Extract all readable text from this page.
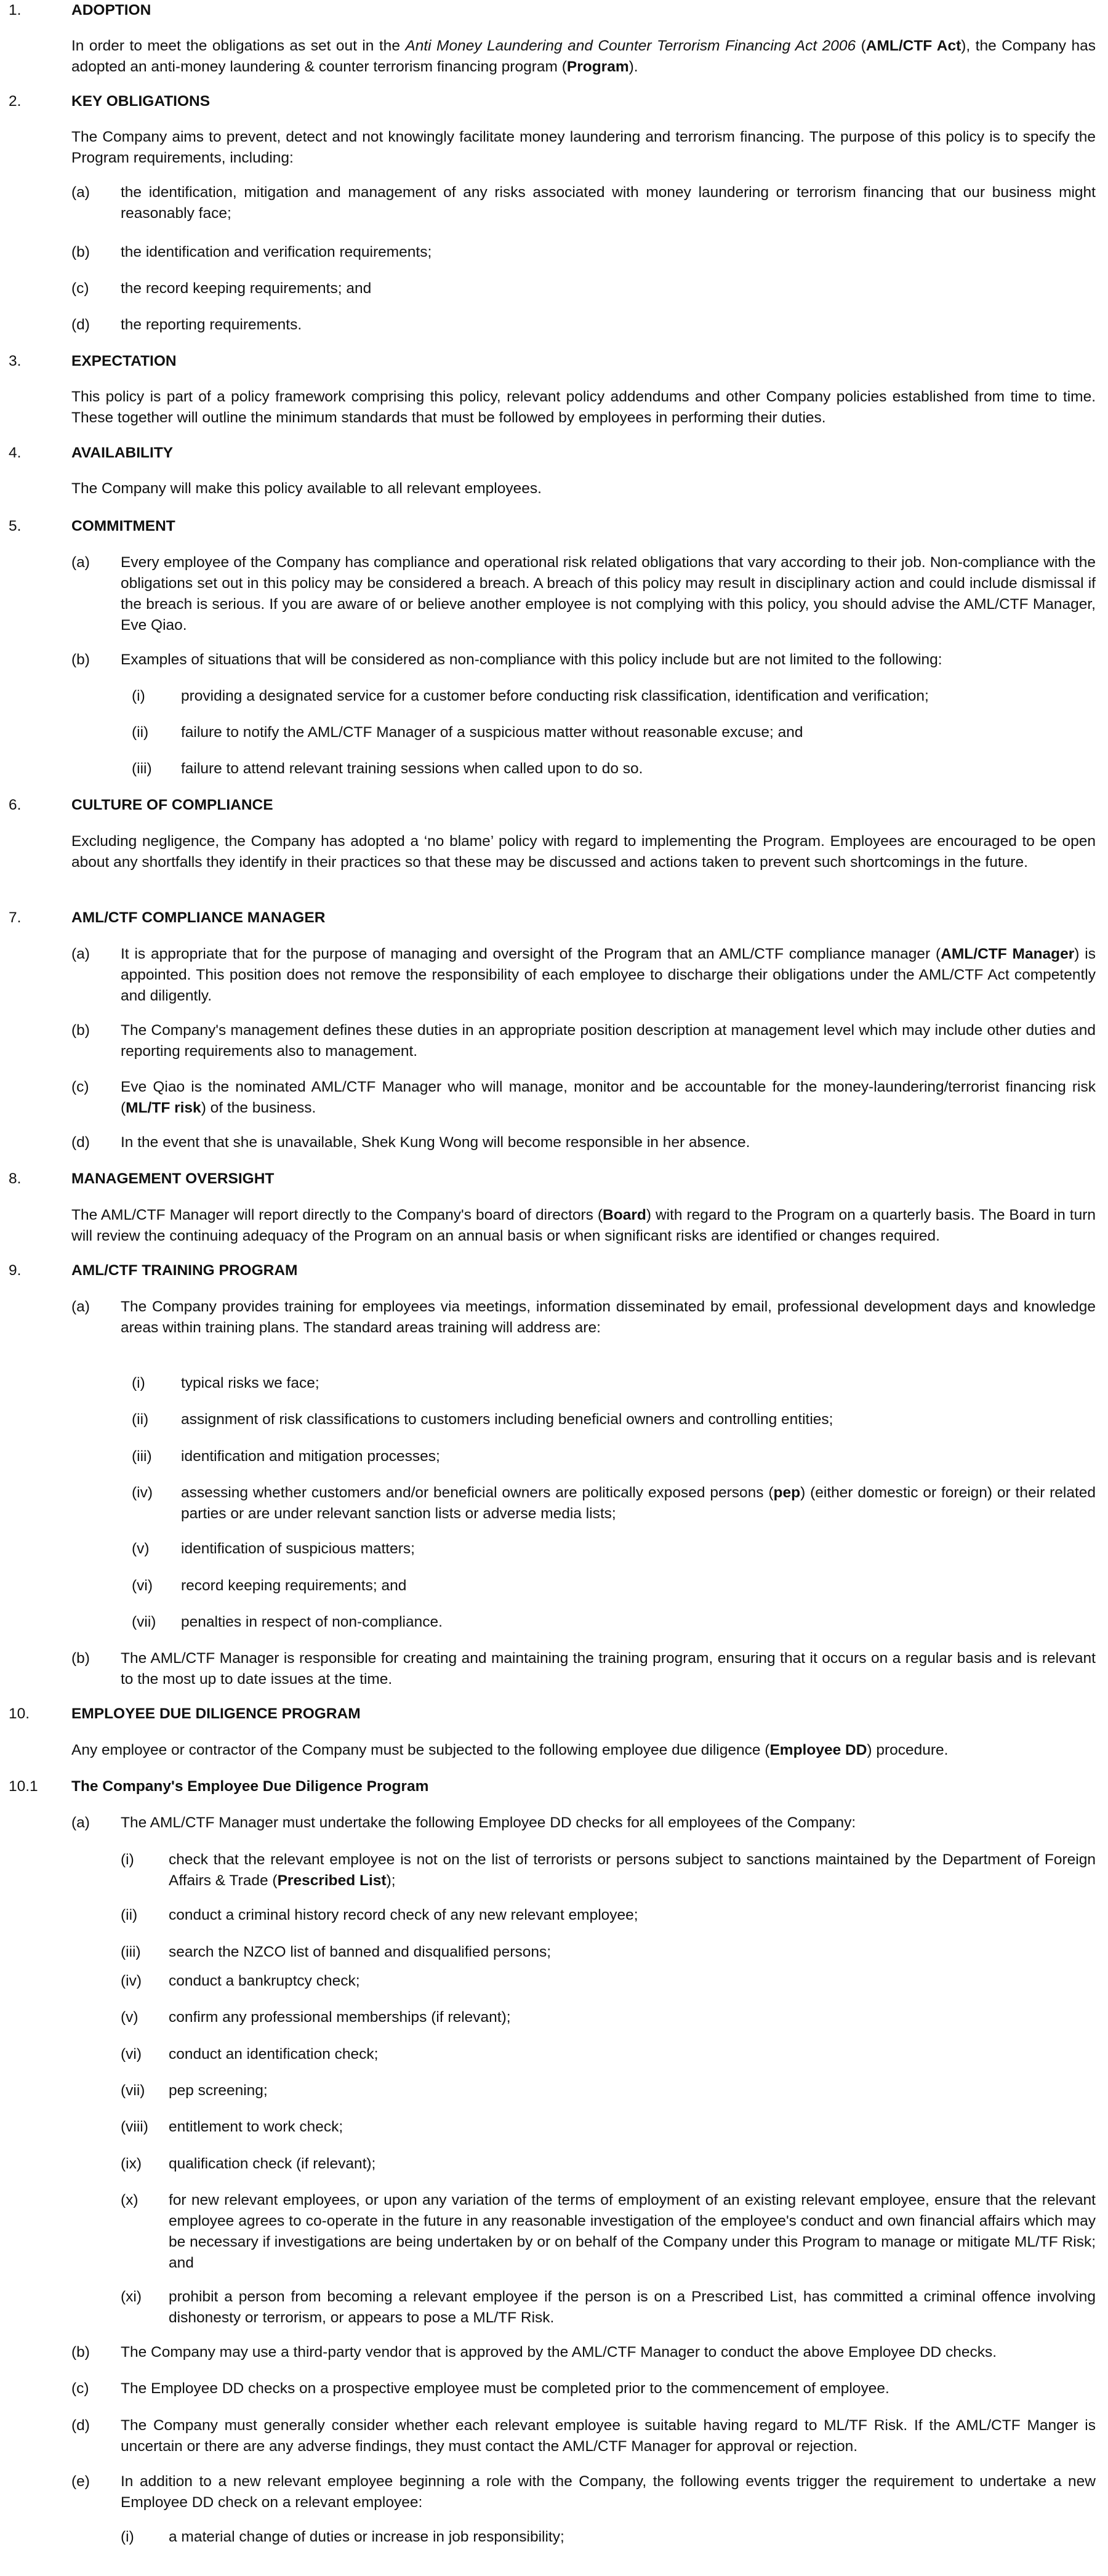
1.	ADOPTION

In order to meet the obligations as set out in the Anti Money Laundering and Counter Terrorism Financing Act 2006 (AML/CTF Act), the Company has adopted an anti-money laundering & counter terrorism financing program (Program).

2.	KEY OBLIGATIONS

The Company aims to prevent, detect and not knowingly facilitate money laundering and terrorism financing. The purpose of this policy is to specify the Program requirements, including:

(a) the identification, mitigation and management of any risks associated with money laundering or terrorism financing that our business might reasonably face;

(b) the identification and verification requirements;

(c) the record keeping requirements; and

(d) the reporting requirements.

3.	EXPECTATION

This policy is part of a policy framework comprising this policy, relevant policy addendums and other Company policies established from time to time. These together will outline the minimum standards that must be followed by employees in performing their duties.

4.	AVAILABILITY

The Company will make this policy available to all relevant employees.

5.	COMMITMENT
(a) Every employee of the Company has compliance and operational risk related obligations that vary according to their job. Non-compliance with the obligations set out in this policy may be considered a breach. A breach of this policy may result in disciplinary action and could include dismissal if the breach is serious. If you are aware of or believe another employee is not complying with this policy, you should advise the AML/CTF Manager, Eve Qiao.

(b) Examples of situations that will be considered as non-compliance with this policy include but are not limited to the following:

(i) providing a designated service for a customer before conducting risk classification, identification and verification;

(ii) failure to notify the AML/CTF Manager of a suspicious matter without reasonable excuse; and

(iii) failure to attend relevant training sessions when called upon to do so.

6.	CULTURE OF COMPLIANCE

Excluding negligence, the Company has adopted a ‘no blame’ policy with regard to implementing the Program. Employees are encouraged to be open about any shortfalls they identify in their practices so that these may be discussed and actions taken to prevent such shortcomings in the future.

7.	AML/CTF COMPLIANCE MANAGER
(a) It is appropriate that for the purpose of managing and oversight of the Program that an AML/CTF compliance manager (AML/CTF Manager) is appointed. This position does not remove the responsibility of each employee to discharge their obligations under the AML/CTF Act competently and diligently.

(b) The Company's management defines these duties in an appropriate position description at management level which may include other duties and reporting requirements also to management.

(c) Eve Qiao is the nominated AML/CTF Manager who will manage, monitor and be accountable for the money-laundering/terrorist financing risk (ML/TF risk) of the business.

(d) In the event that she is unavailable, Shek Kung Wong will become responsible in her absence.

8.	MANAGEMENT OVERSIGHT

The AML/CTF Manager will report directly to the Company's board of directors (Board) with regard to the Program on a quarterly basis. The Board in turn will review the continuing adequacy of the Program on an annual basis or when significant risks are identified or changes required.

9.	AML/CTF TRAINING PROGRAM
(a) The Company provides training for employees via meetings, information disseminated by email, professional development days and knowledge areas within training plans. The standard areas training will address are:

(i) typical risks we face;

(ii) assignment of risk classifications to customers including beneficial owners and controlling entities;

(iii) identification and mitigation processes;

(iv) assessing whether customers and/or beneficial owners are politically exposed persons (pep) (either domestic or foreign) or their related parties or are under relevant sanction lists or adverse media lists;

(v) identification of suspicious matters;

(vi) record keeping requirements; and

(vii) penalties in respect of non-compliance.

(b) The AML/CTF Manager is responsible for creating and maintaining the training program, ensuring that it occurs on a regular basis and is relevant to the most up to date issues at the time.

10.	EMPLOYEE DUE DILIGENCE PROGRAM

Any employee or contractor of the Company must be subjected to the following employee due diligence (Employee DD) procedure.

10.1 The Company's Employee Due Diligence Program
(a) The AML/CTF Manager must undertake the following Employee DD checks for all employees of the Company:

(i) check that the relevant employee is not on the list of terrorists or persons subject to sanctions maintained by the Department of Foreign Affairs & Trade (Prescribed List);

(ii) conduct a criminal history record check of any new relevant employee;

(iii) search the NZCO list of banned and disqualified persons;

(iv) conduct a bankruptcy check;

(v) confirm any professional memberships (if relevant);

(vi) conduct an identification check;

(vii) pep screening;

(viii) entitlement to work check;

(ix) qualification check (if relevant);

(x) for new relevant employees, or upon any variation of the terms of employment of an existing relevant employee, ensure that the relevant employee agrees to co-operate in the future in any reasonable investigation of the employee's conduct and own financial affairs which may be necessary if investigations are being undertaken by or on behalf of the Company under this Program to manage or mitigate ML/TF Risk; and

(xi) prohibit a person from becoming a relevant employee if the person is on a Prescribed List, has committed a criminal offence involving dishonesty or terrorism, or appears to pose a ML/TF Risk.

(b) The Company may use a third-party vendor that is approved by the AML/CTF Manager to conduct the above Employee DD checks.

(c) The Employee DD checks on a prospective employee must be completed prior to the commencement of employee.

(d) The Company must generally consider whether each relevant employee is suitable having regard to ML/TF Risk. If the AML/CTF Manger is uncertain or there are any adverse findings, they must contact the AML/CTF Manager for approval or rejection.

(e) In addition to a new relevant employee beginning a role with the Company, the following events trigger the requirement to undertake a new Employee DD check on a relevant employee:

(i) a material change of duties or increase in job responsibility;
